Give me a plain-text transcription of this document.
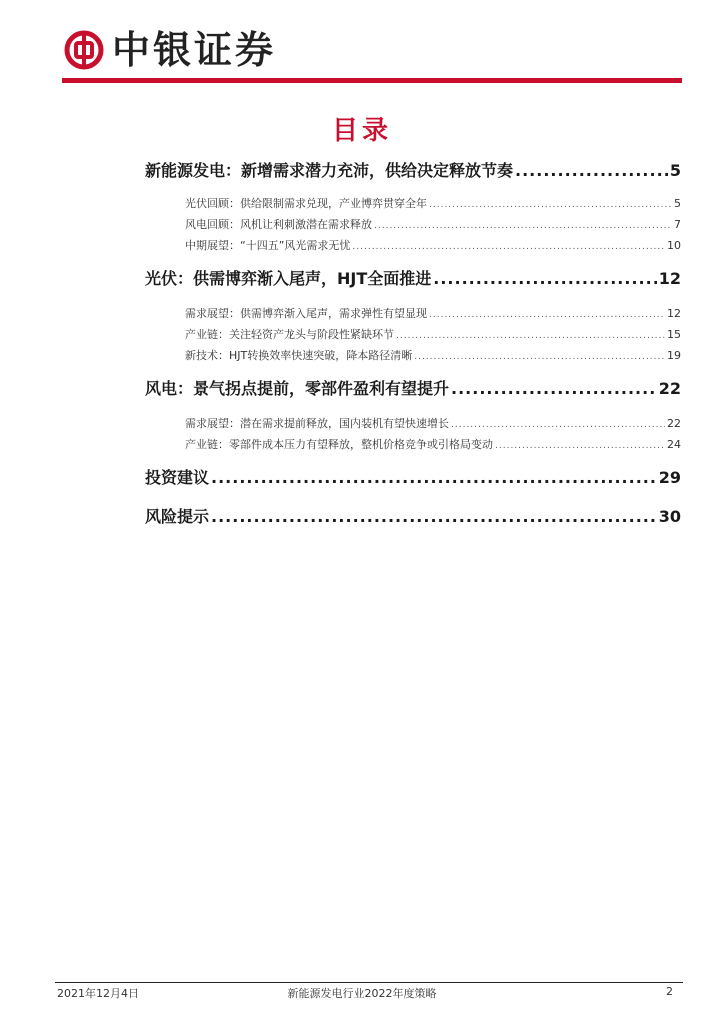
中银证券
目录
新能源发电：新增需求潜力充沛，供给决定释放节奏 .....	5
光伏回顾：供给限制需求兑现，产业博弈贯穿全年 .....	5
风电回顾：风机让利刺激潜在需求释放 .....	7
中期展望：“十四五”风光需求无忧 .....	10
光伏：供需博弈渐入尾声，HJT全面推进 .....	12
需求展望：供需博弈渐入尾声，需求弹性有望显现 .....	12
产业链：关注轻资产龙头与阶段性紧缺环节 .....	15
新技术：HJT转换效率快速突破，降本路径清晰 .....	19
风电：景气拐点提前，零部件盈利有望提升 .....	22
需求展望：潜在需求提前释放，国内装机有望快速增长 .....	22
产业链：零部件成本压力有望释放，整机价格竞争或引格局变动 .....	24
投资建议 .....	29
风险提示 .....	30
2021年12月4日	新能源发电行业2022年度策略	2
